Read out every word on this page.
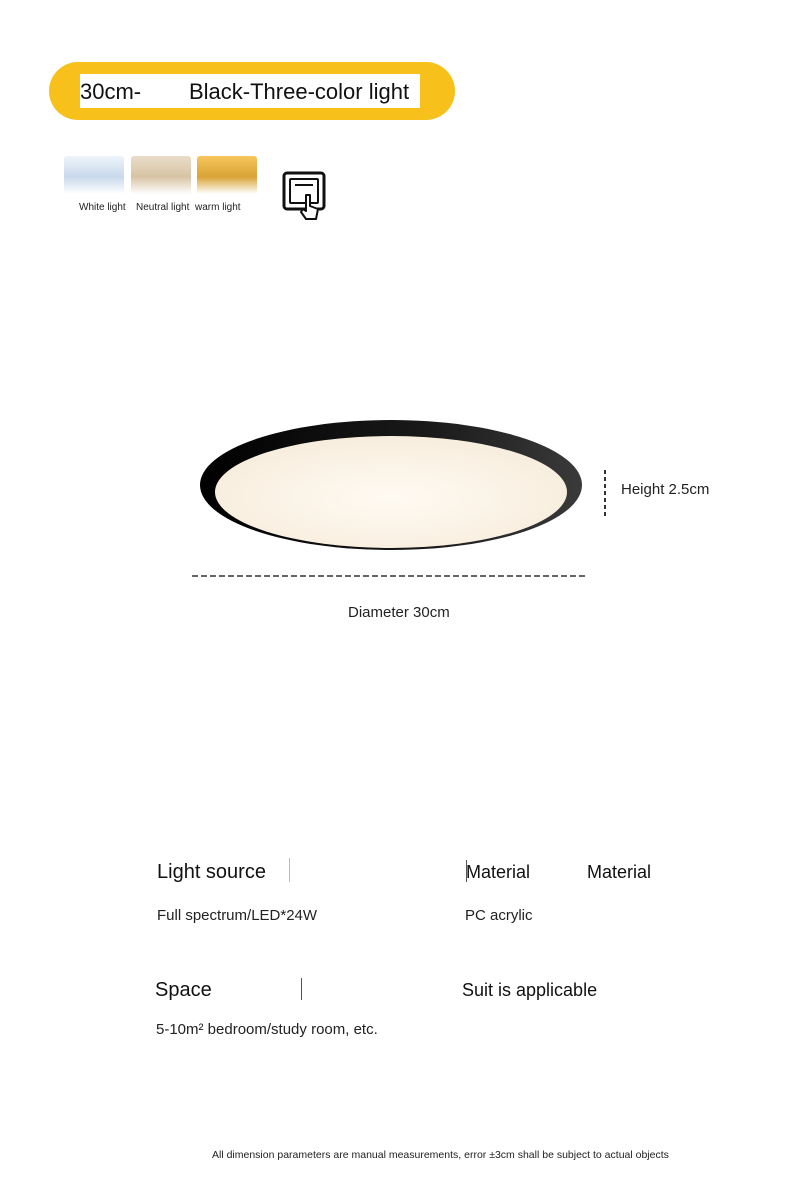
30cm- Black-Three-color light
White light Neutral light warm light
Height 2.5cm
Diameter 30cm
Light source	Material	Material
Full spectrum/LED*24W	PC acrylic
Space	Suit is applicable
5-10m² bedroom/study room, etc.
All dimension parameters are manual measurements, error ±3cm shall be subject to actual objects
